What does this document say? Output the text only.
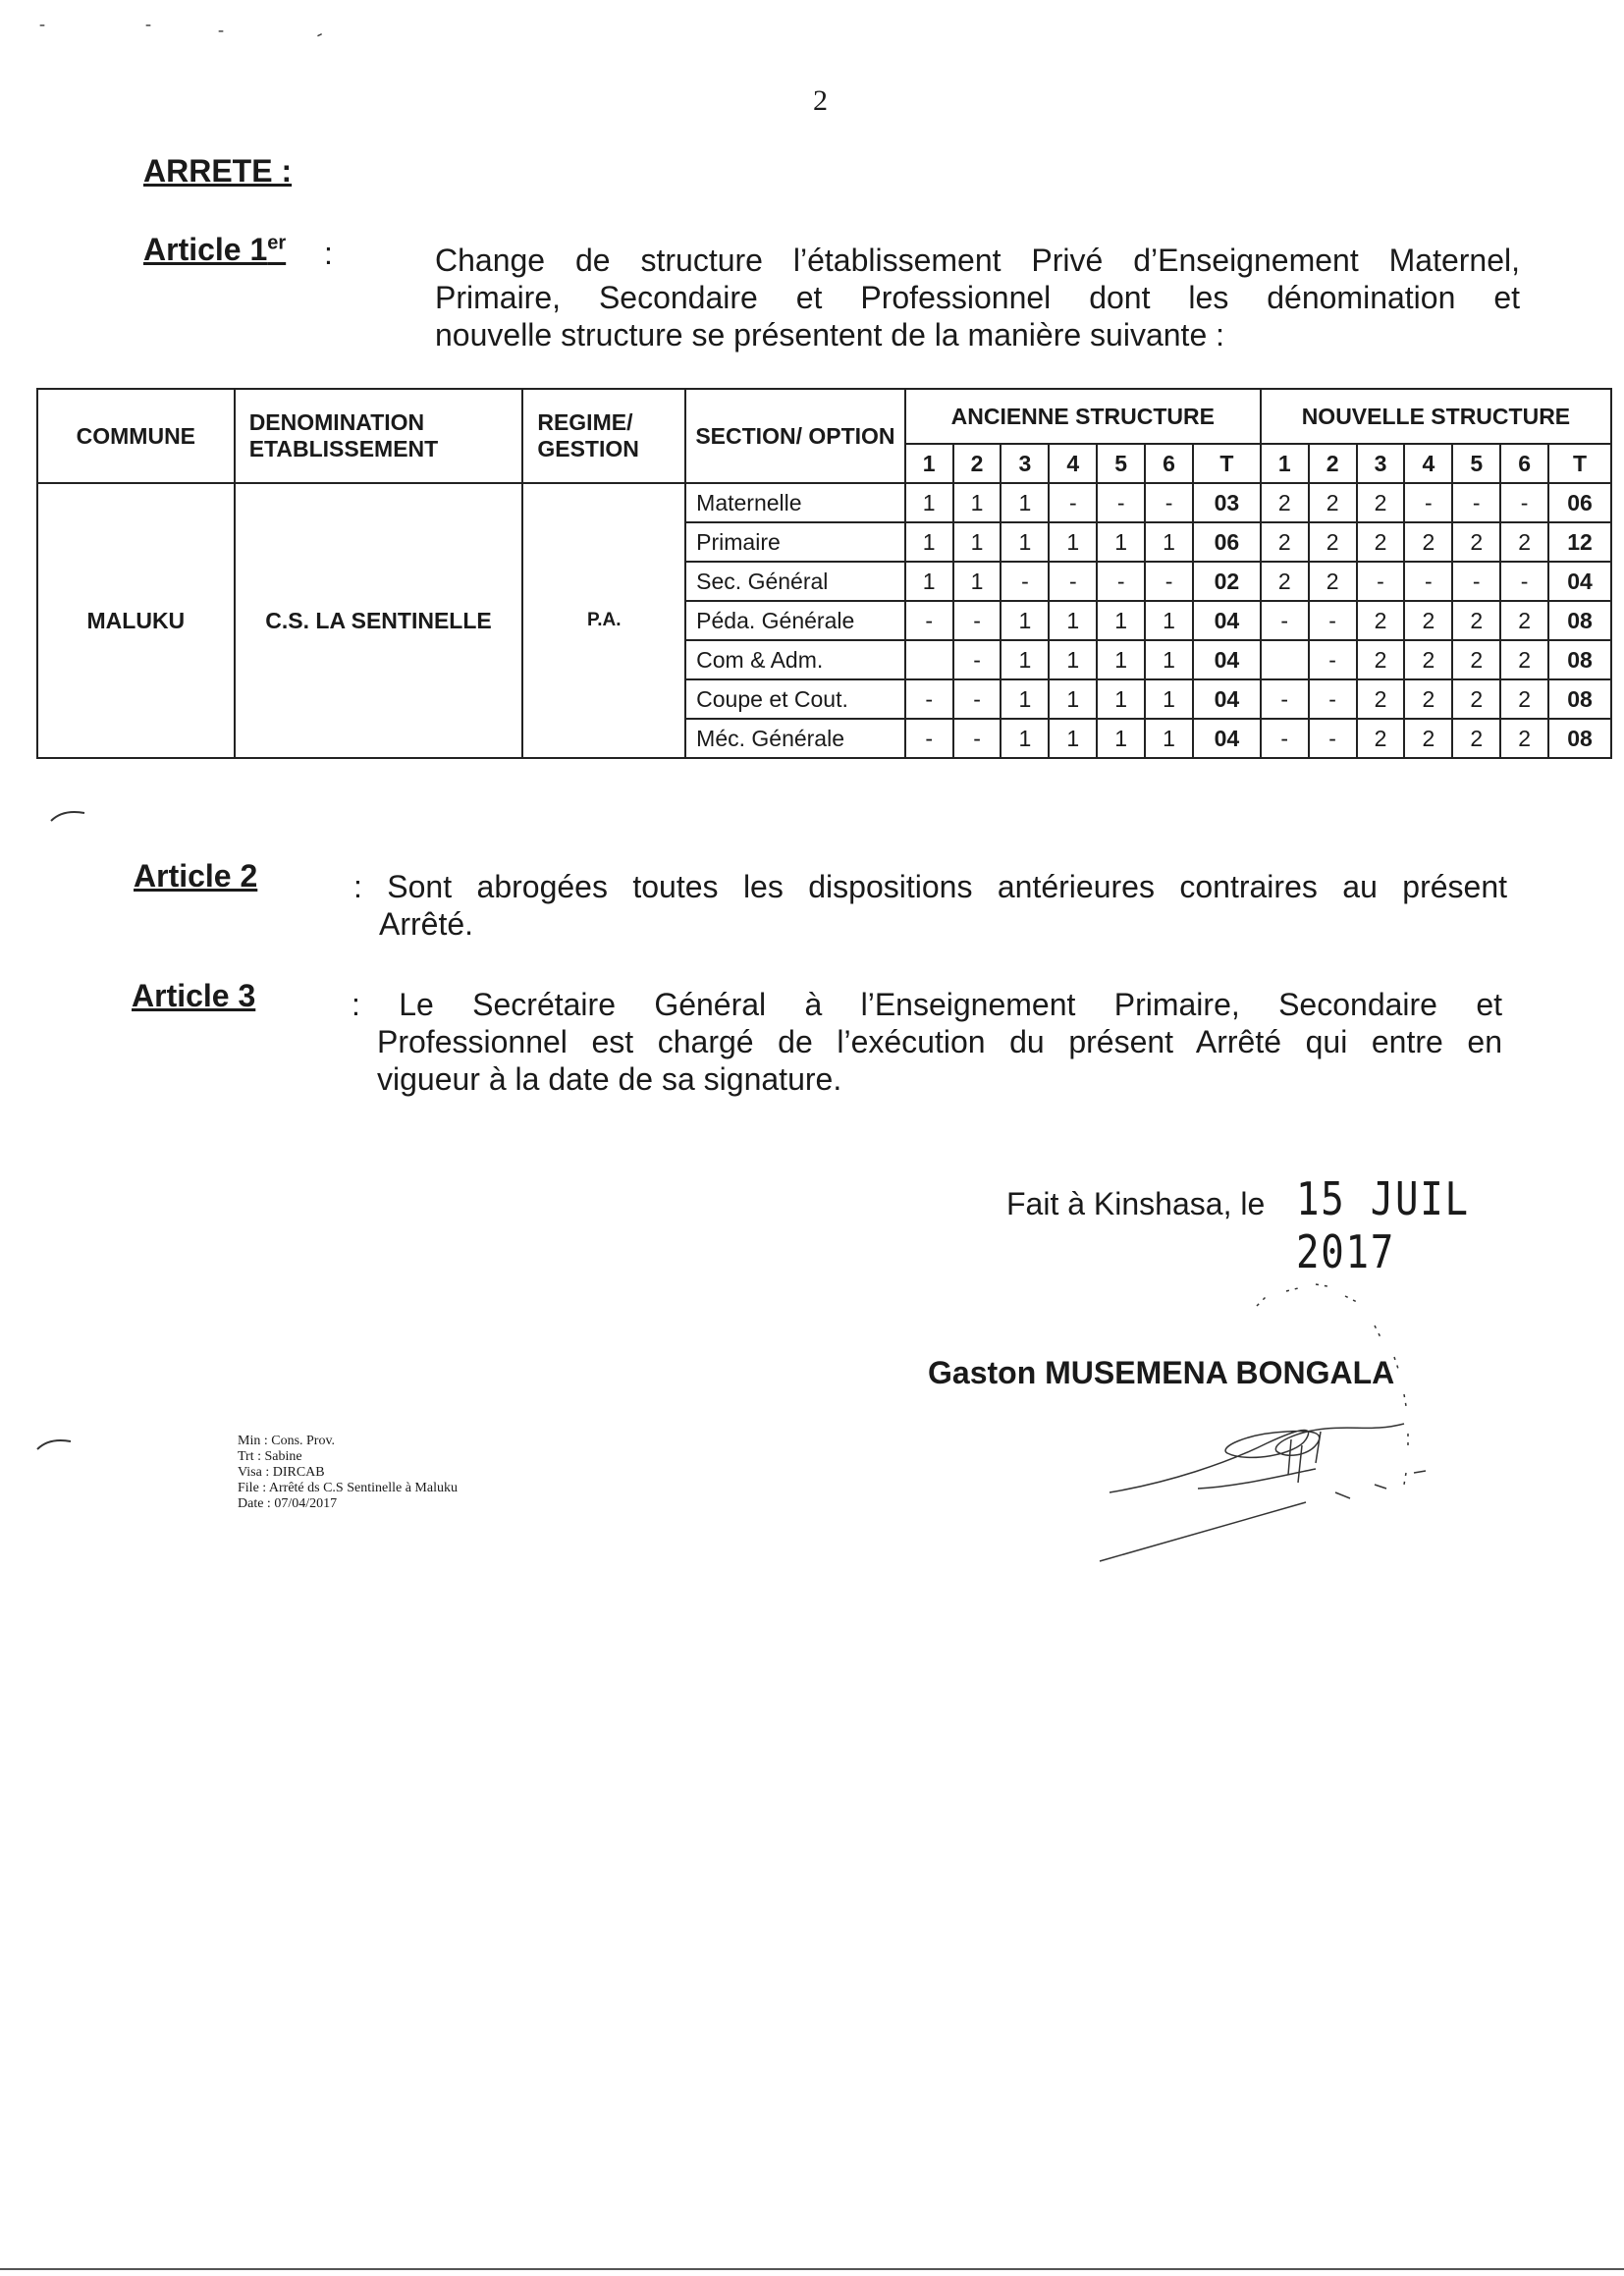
-	-	-	-
2
ARRETE :
Article 1er :	Change de structure l’établissement Privé d’Enseignement Maternel,
Primaire, Secondaire et Professionnel dont les dénomination et
nouvelle structure se présentent de la manière suivante :
COMMUNE	DENOMINATION ETABLISSEMENT	REGIME/ GESTION	SECTION/ OPTION	ANCIENNE STRUCTURE							NOUVELLE STRUCTURE						
				1	2	3	4	5	6	T	1	2	3	4	5	6	T
MALUKU	C.S. LA SENTINELLE	P.A.	Maternelle	1	1	1	-	-	-	03	2	2	2	-	-	-	06
			Primaire	1	1	1	1	1	1	06	2	2	2	2	2	2	12
			Sec. Général	1	1	-	-	-	-	02	2	2	-	-	-	-	04
			Péda. Générale	-	-	1	1	1	1	04	-	-	2	2	2	2	08
			Com & Adm.		-	1	1	1	1	04		-	2	2	2	2	08
			Coupe et Cout.	-	-	1	1	1	1	04	-	-	2	2	2	2	08
			Méc. Générale	-	-	1	1	1	1	04	-	-	2	2	2	2	08
Article 2	: Sont abrogées toutes les dispositions antérieures contraires au présent
Arrêté.
Article 3	: Le Secrétaire Général à l’Enseignement Primaire, Secondaire et
Professionnel est chargé de l’exécution du présent Arrêté qui entre en
vigueur à la date de sa signature.
Fait à Kinshasa, le 15 JUIL 2017
Gaston MUSEMENA BONGALA
Min : Cons. Prov.
Trt : Sabine
Visa : DIRCAB
File : Arrêté ds C.S Sentinelle à Maluku
Date : 07/04/2017
